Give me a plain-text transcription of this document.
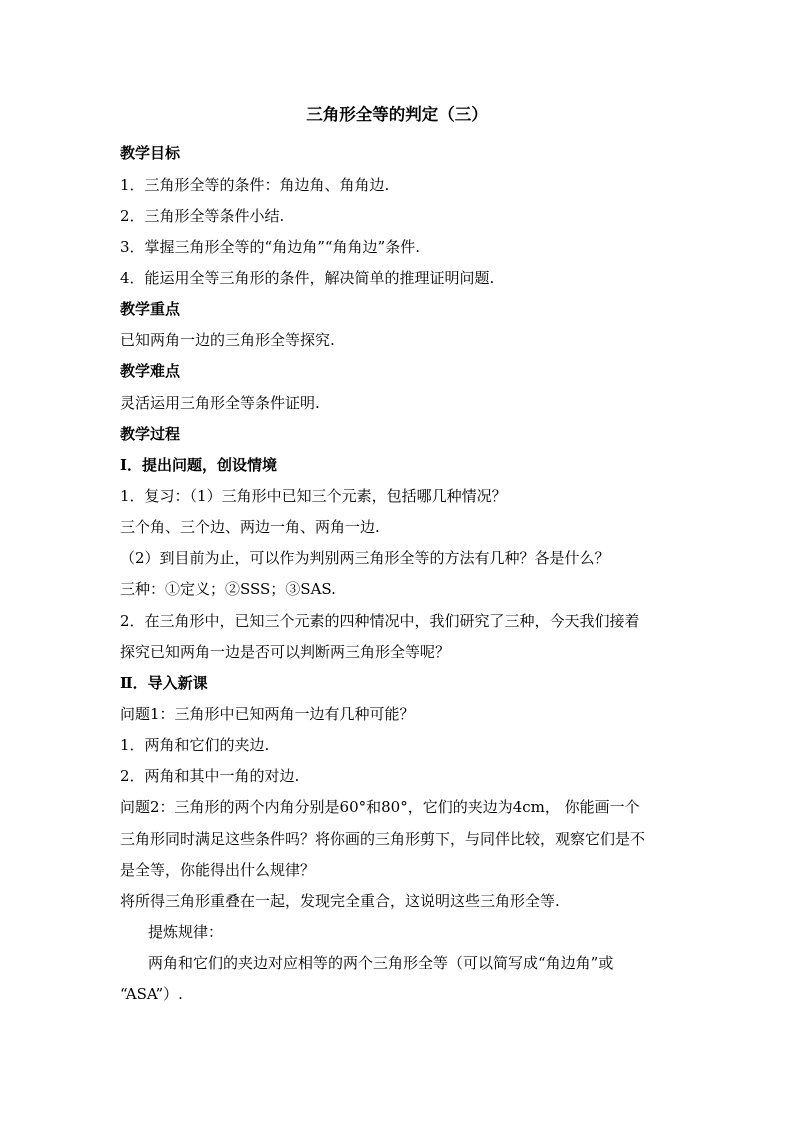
三角形全等的判定（三）

教学目标

1．三角形全等的条件：角边角、角角边.

2．三角形全等条件小结.

3．掌握三角形全等的“角边角”“角角边”条件.

4．能运用全等三角形的条件，解决简单的推理证明问题.

教学重点

已知两角一边的三角形全等探究.

教学难点

灵活运用三角形全等条件证明.

教学过程

Ⅰ．提出问题，创设情境

1．复习：（1）三角形中已知三个元素，包括哪几种情况？

三个角、三个边、两边一角、两角一边.

（2）到目前为止，可以作为判别两三角形全等的方法有几种？各是什么？

三种：①定义；②SSS；③SAS.

2．在三角形中，已知三个元素的四种情况中，我们研究了三种，今天我们接着

探究已知两角一边是否可以判断两三角形全等呢？

Ⅱ．导入新课

问题1：三角形中已知两角一边有几种可能？

1．两角和它们的夹边.

2．两角和其中一角的对边.

问题2：三角形的两个内角分别是60°和80°，它们的夹边为4cm， 你能画一个

三角形同时满足这些条件吗？将你画的三角形剪下，与同伴比较，观察它们是不

是全等，你能得出什么规律？

将所得三角形重叠在一起，发现完全重合，这说明这些三角形全等.

提炼规律：

两角和它们的夹边对应相等的两个三角形全等（可以简写成“角边角”或

“ASA”）.
